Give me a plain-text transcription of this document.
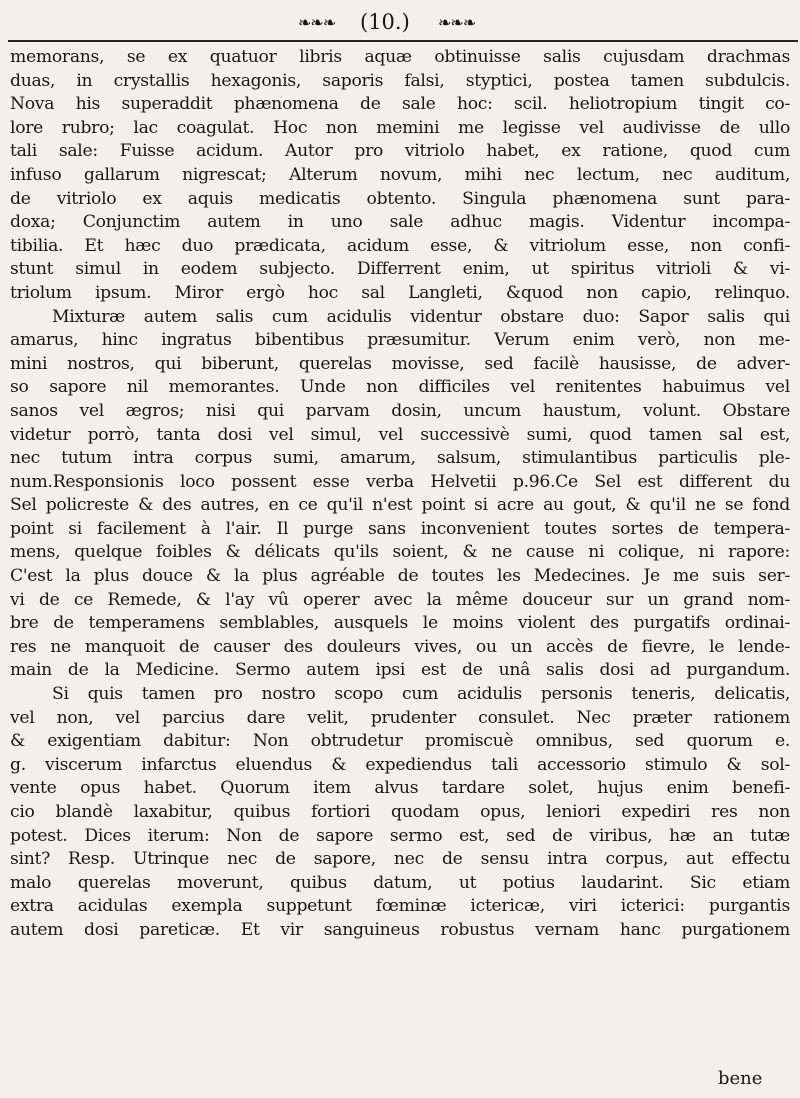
❧❧❧ (10.) ❧❧❧
memorans, se ex quatuor libris aquæ obtinuisse salis cujusdam drachmas
duas, in crystallis hexagonis, saporis falsi, styptici, postea tamen subdulcis.
Nova his superaddit phænomena de sale hoc: scil. heliotropium tingit co-
lore rubro; lac coagulat. Hoc non memini me legisse vel audivisse de ullo
tali sale: Fuisse acidum. Autor pro vitriolo habet, ex ratione, quod cum
infuso gallarum nigrescat; Alterum novum, mihi nec lectum, nec auditum,
de vitriolo ex aquis medicatis obtento. Singula phænomena sunt para-
doxa; Conjunctim autem in uno sale adhuc magis. Videntur incompa-
tibilia. Et hæc duo prædicata, acidum esse, & vitriolum esse, non confi-
stunt simul in eodem subjecto. Differrent enim, ut spiritus vitrioli & vi-
triolum ipsum. Miror ergò hoc sal Langleti, &quod non capio, relinquo.
Mixturæ autem salis cum acidulis videntur obstare duo: Sapor salis qui
amarus, hinc ingratus bibentibus præsumitur. Verum enim verò, non me-
mini nostros, qui biberunt, querelas movisse, sed facilè hausisse, de adver-
so sapore nil memorantes. Unde non difficiles vel renitentes habuimus vel
sanos vel ægros; nisi qui parvam dosin, uncum haustum, volunt. Obstare
videtur porrò, tanta dosi vel simul, vel successivè sumi, quod tamen sal est,
nec tutum intra corpus sumi, amarum, salsum, stimulantibus particulis ple-
num.Responsionis loco possent esse verba Helvetii p.96.Ce Sel est different du
Sel policreste & des autres, en ce qu'il n'est point si acre au gout, & qu'il ne se fond
point si facilement à l'air. Il purge sans inconvenient toutes sortes de tempera-
mens, quelque foibles & délicats qu'ils soient, & ne cause ni colique, ni rapore:
C'est la plus douce & la plus agréable de toutes les Medecines. Je me suis ser-
vi de ce Remede, & l'ay vû operer avec la même douceur sur un grand nom-
bre de temperamens semblables, ausquels le moins violent des purgatifs ordinai-
res ne manquoit de causer des douleurs vives, ou un accès de fievre, le lende-
main de la Medicine. Sermo autem ipsi est de unâ salis dosi ad purgandum.
Si quis tamen pro nostro scopo cum acidulis personis teneris, delicatis,
vel non, vel parcius dare velit, prudenter consulet. Nec præter rationem
& exigentiam dabitur: Non obtrudetur promiscuè omnibus, sed quorum e.
g. viscerum infarctus eluendus & expediendus tali accessorio stimulo & sol-
vente opus habet. Quorum item alvus tardare solet, hujus enim benefi-
cio blandè laxabitur, quibus fortiori quodam opus, leniori expediri res non
potest. Dices iterum: Non de sapore sermo est, sed de viribus, hæ an tutæ
sint? Resp. Utrinque nec de sapore, nec de sensu intra corpus, aut effectu
malo querelas moverunt, quibus datum, ut potius laudarint. Sic etiam
extra acidulas exempla suppetunt fœminæ ictericæ, viri icterici: purgantis
autem dosi pareticæ. Et vir sanguineus robustus vernam hanc purgationem
bene
